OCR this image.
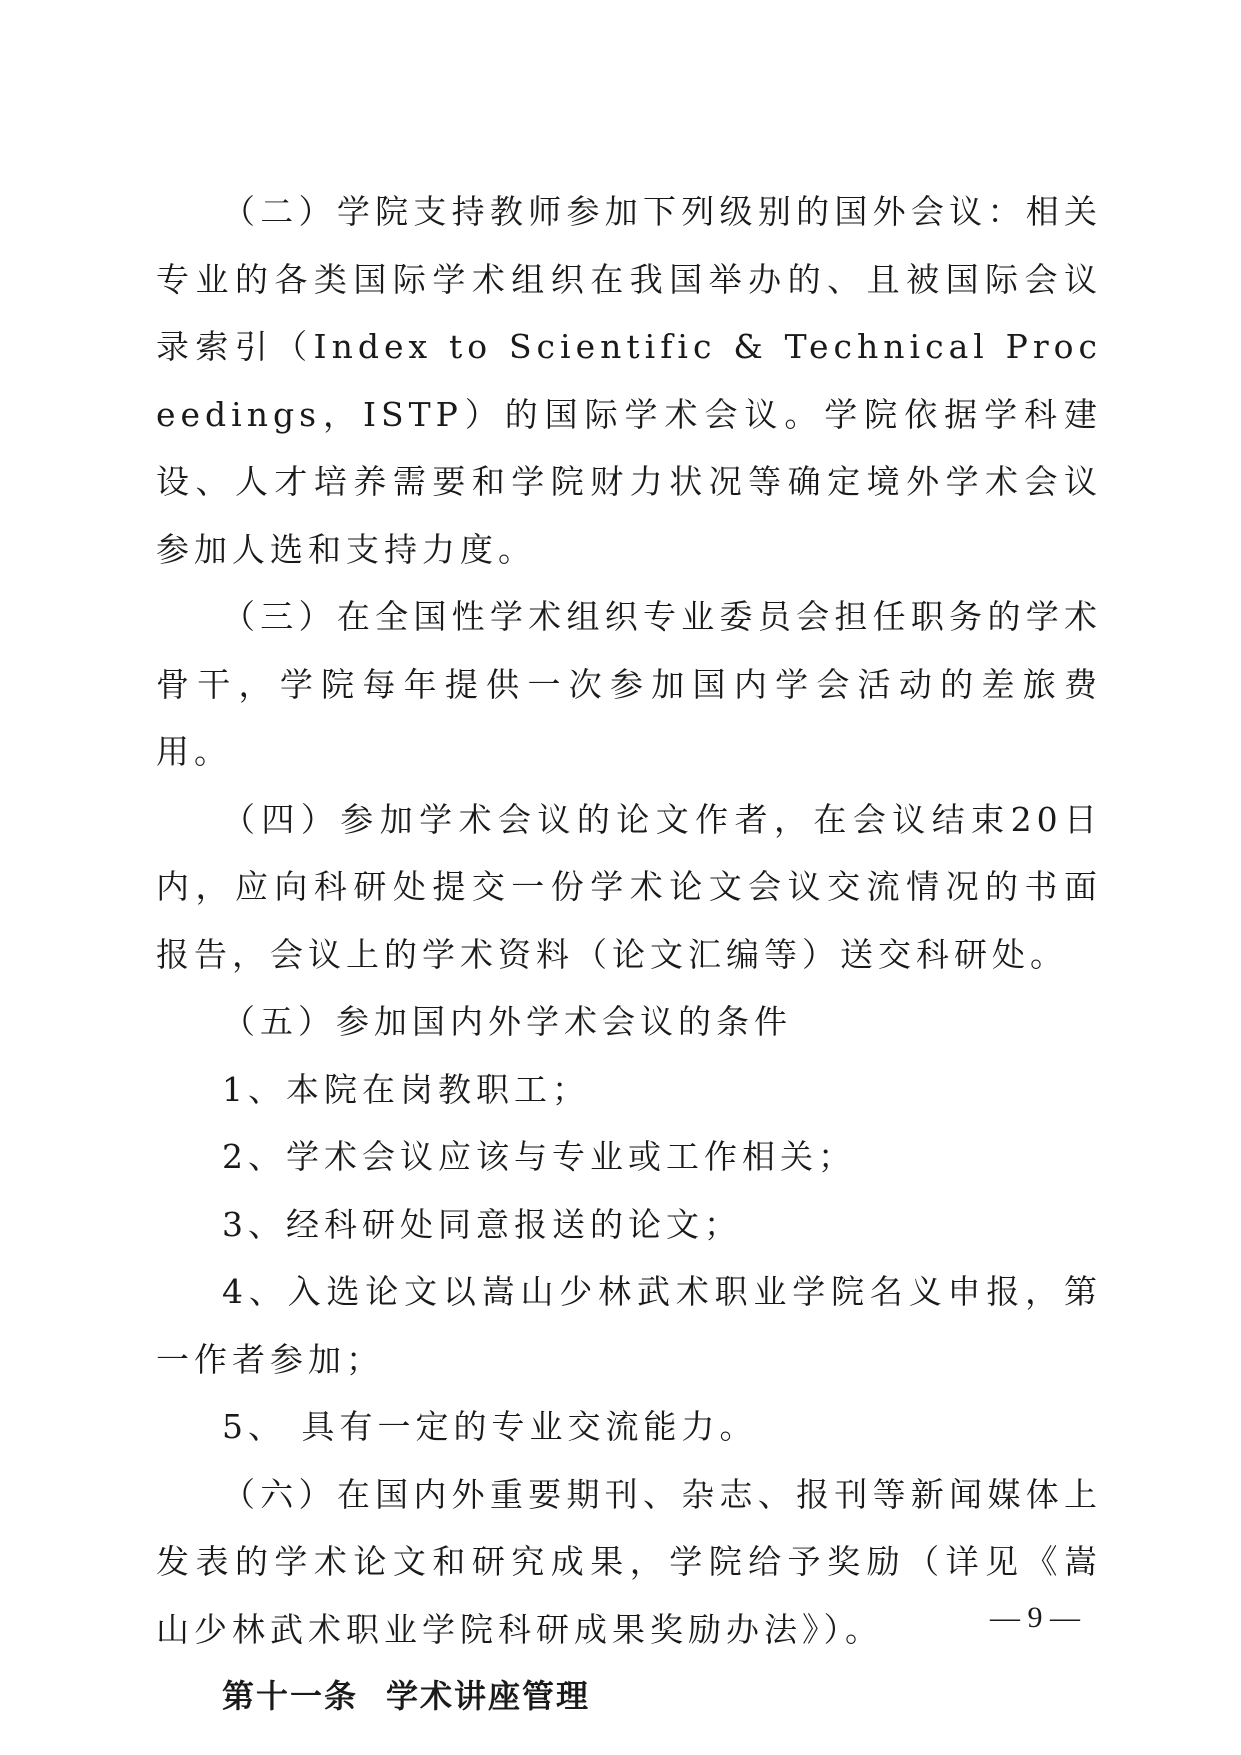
（二）学院支持教师参加下列级别的国外会议：相关专业的各类国际学术组织在我国举办的、且被国际会议录索引（Index to Scientific & Technical Proceedings，ISTP）的国际学术会议。学院依据学科建设、人才培养需要和学院财力状况等确定境外学术会议参加人选和支持力度。

（三）在全国性学术组织专业委员会担任职务的学术骨干，学院每年提供一次参加国内学会活动的差旅费用。

（四）参加学术会议的论文作者，在会议结束20日内，应向科研处提交一份学术论文会议交流情况的书面报告，会议上的学术资料（论文汇编等）送交科研处。

（五）参加国内外学术会议的条件

1、本院在岗教职工；

2、学术会议应该与专业或工作相关；

3、经科研处同意报送的论文；

4、入选论文以嵩山少林武术职业学院名义申报，第一作者参加；

5、 具有一定的专业交流能力。

（六）在国内外重要期刊、杂志、报刊等新闻媒体上发表的学术论文和研究成果，学院给予奖励（详见《嵩山少林武术职业学院科研成果奖励办法》）。

第十一条 学术讲座管理

— 9 —
